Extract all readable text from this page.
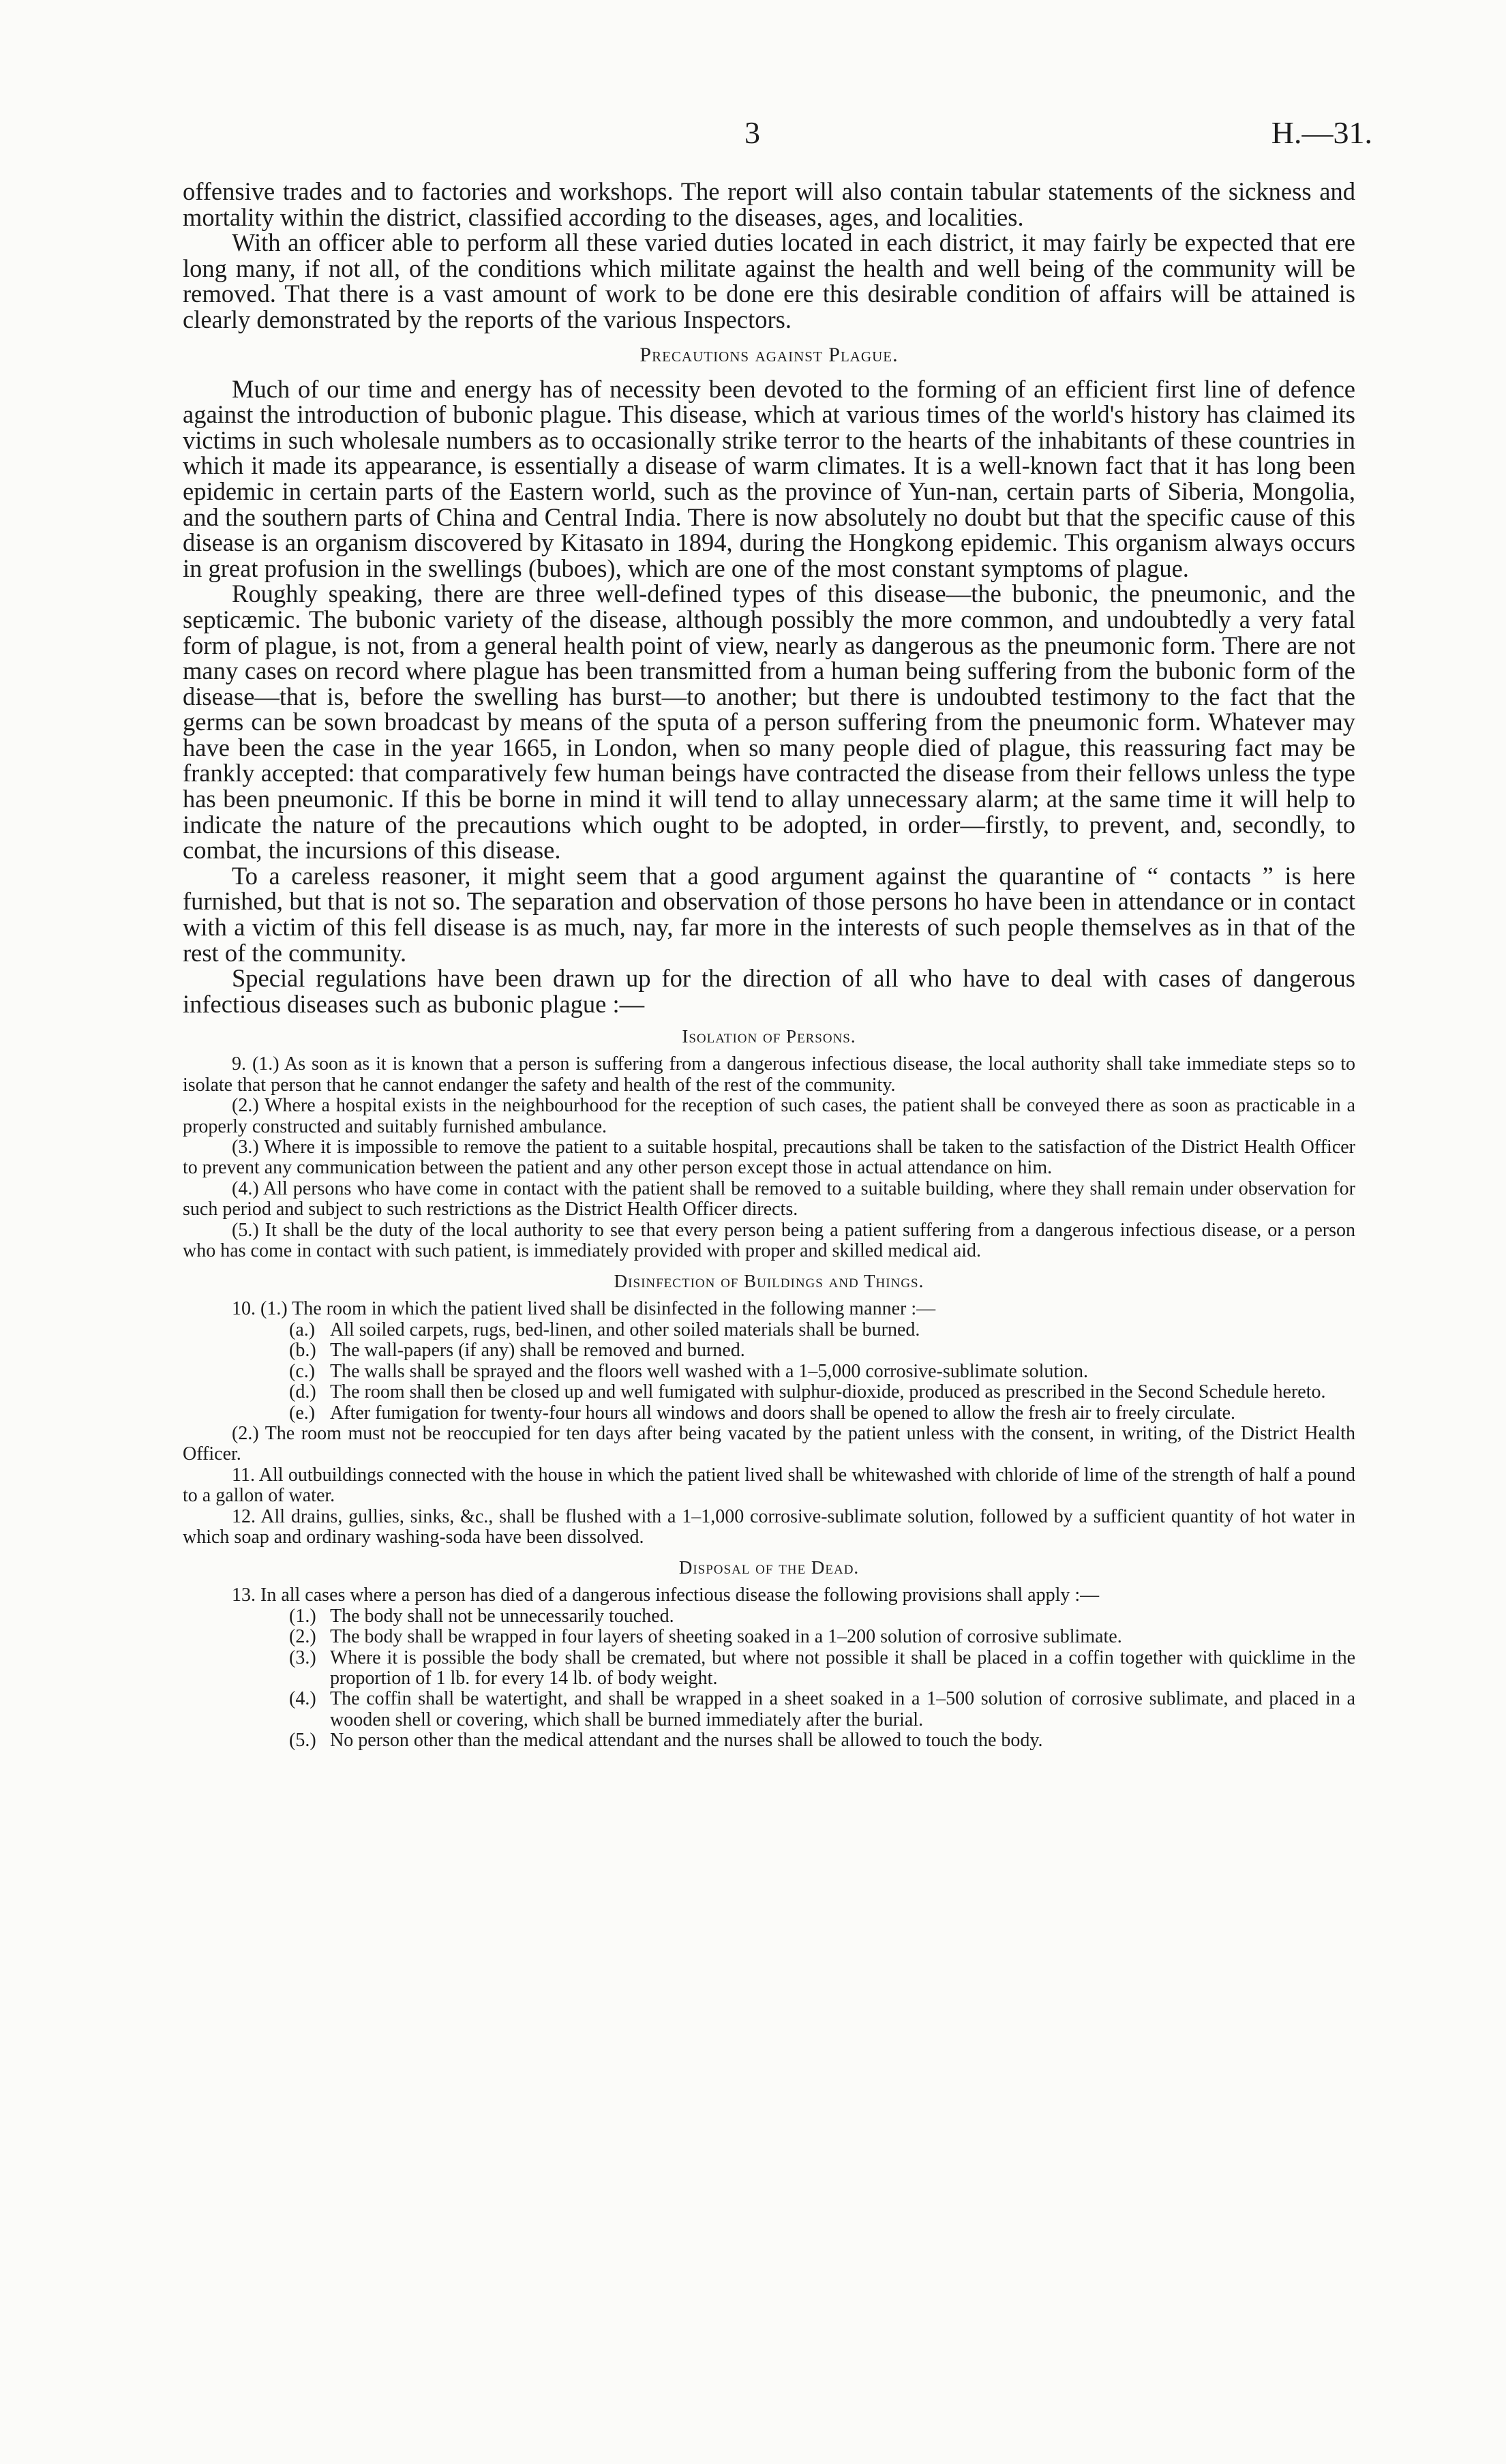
3	H.—31.

offensive trades and to factories and workshops. The report will also contain tabular statements of the sickness and mortality within the district, classified according to the diseases, ages, and localities.

With an officer able to perform all these varied duties located in each district, it may fairly be expected that ere long many, if not all, of the conditions which militate against the health and well being of the community will be removed. That there is a vast amount of work to be done ere this desirable condition of affairs will be attained is clearly demonstrated by the reports of the various Inspectors.

Precautions against Plague.

Much of our time and energy has of necessity been devoted to the forming of an efficient first line of defence against the introduction of bubonic plague. This disease, which at various times of the world's history has claimed its victims in such wholesale numbers as to occasionally strike terror to the hearts of the inhabitants of these countries in which it made its appearance, is essentially a disease of warm climates. It is a well-known fact that it has long been epidemic in certain parts of the Eastern world, such as the province of Yun-nan, certain parts of Siberia, Mongolia, and the southern parts of China and Central India. There is now absolutely no doubt but that the specific cause of this disease is an organism discovered by Kitasato in 1894, during the Hongkong epidemic. This organism always occurs in great profusion in the swellings (buboes), which are one of the most constant symptoms of plague.

Roughly speaking, there are three well-defined types of this disease—the bubonic, the pneumonic, and the septicæmic. The bubonic variety of the disease, although possibly the more common, and undoubtedly a very fatal form of plague, is not, from a general health point of view, nearly as dangerous as the pneumonic form. There are not many cases on record where plague has been transmitted from a human being suffering from the bubonic form of the disease—that is, before the swelling has burst—to another; but there is undoubted testimony to the fact that the germs can be sown broadcast by means of the sputa of a person suffering from the pneumonic form. Whatever may have been the case in the year 1665, in London, when so many people died of plague, this reassuring fact may be frankly accepted: that comparatively few human beings have contracted the disease from their fellows unless the type has been pneumonic. If this be borne in mind it will tend to allay unnecessary alarm; at the same time it will help to indicate the nature of the precautions which ought to be adopted, in order—firstly, to prevent, and, secondly, to combat, the incursions of this disease.

To a careless reasoner, it might seem that a good argument against the quarantine of “ contacts ” is here furnished, but that is not so. The separation and observation of those persons ho have been in attendance or in contact with a victim of this fell disease is as much, nay, far more in the interests of such people themselves as in that of the rest of the community.

Special regulations have been drawn up for the direction of all who have to deal with cases of dangerous infectious diseases such as bubonic plague :—

Isolation of Persons.

9. (1.) As soon as it is known that a person is suffering from a dangerous infectious disease, the local authority shall take immediate steps so to isolate that person that he cannot endanger the safety and health of the rest of the community.

(2.) Where a hospital exists in the neighbourhood for the reception of such cases, the patient shall be conveyed there as soon as practicable in a properly constructed and suitably furnished ambulance.

(3.) Where it is impossible to remove the patient to a suitable hospital, precautions shall be taken to the satisfaction of the District Health Officer to prevent any communication between the patient and any other person except those in actual attendance on him.

(4.) All persons who have come in contact with the patient shall be removed to a suitable building, where they shall remain under observation for such period and subject to such restrictions as the District Health Officer directs.

(5.) It shall be the duty of the local authority to see that every person being a patient suffering from a dangerous infectious disease, or a person who has come in contact with such patient, is immediately provided with proper and skilled medical aid.

Disinfection of Buildings and Things.

10. (1.) The room in which the patient lived shall be disinfected in the following manner :—

(a.) All soiled carpets, rugs, bed-linen, and other soiled materials shall be burned.

(b.) The wall-papers (if any) shall be removed and burned.

(c.) The walls shall be sprayed and the floors well washed with a 1–5,000 corrosive-sublimate solution.

(d.) The room shall then be closed up and well fumigated with sulphur-dioxide, produced as prescribed in the Second Schedule hereto.

(e.) After fumigation for twenty-four hours all windows and doors shall be opened to allow the fresh air to freely circulate.

(2.) The room must not be reoccupied for ten days after being vacated by the patient unless with the consent, in writing, of the District Health Officer.

11. All outbuildings connected with the house in which the patient lived shall be whitewashed with chloride of lime of the strength of half a pound to a gallon of water.

12. All drains, gullies, sinks, &c., shall be flushed with a 1–1,000 corrosive-sublimate solution, followed by a sufficient quantity of hot water in which soap and ordinary washing-soda have been dissolved.

Disposal of the Dead.

13. In all cases where a person has died of a dangerous infectious disease the following provisions shall apply :—

(1.) The body shall not be unnecessarily touched.

(2.) The body shall be wrapped in four layers of sheeting soaked in a 1–200 solution of corrosive sublimate.

(3.) Where it is possible the body shall be cremated, but where not possible it shall be placed in a coffin together with quicklime in the proportion of 1 lb. for every 14 lb. of body weight.

(4.) The coffin shall be watertight, and shall be wrapped in a sheet soaked in a 1–500 solution of corrosive sublimate, and placed in a wooden shell or covering, which shall be burned immediately after the burial.

(5.) No person other than the medical attendant and the nurses shall be allowed to touch the body.
